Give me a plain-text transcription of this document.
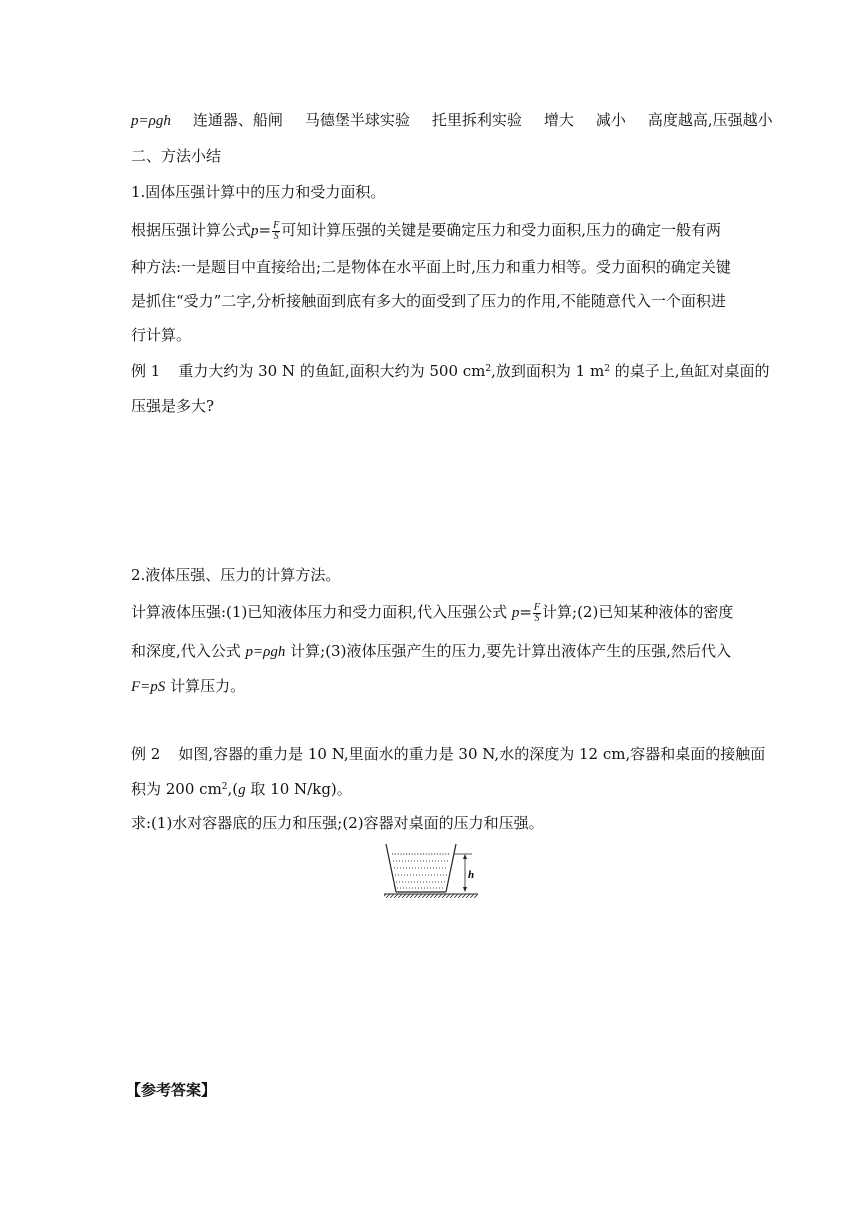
p=ρgh 连通器、船闸 马德堡半球实验 托里拆利实验 增大 减小 高度越高,压强越小
二、方法小结
1.固体压强计算中的压力和受力面积。
根据压强计算公式$p= \frac{F}{S}$ 可知计算压强的关键是要确定压力和受力面积,压力的确定一般有两
种方法:一是题目中直接给出;二是物体在水平面上时,压力和重力相等。受力面积的确定关键
是抓住“受力”二字,分析接触面到底有多大的面受到了压力的作用,不能随意代入一个面积进
行计算。
例 1 重力大约为 30 N 的鱼缸,面积大约为 500 $cm^2$,放到面积为 1 $m^2$ 的桌子上,鱼缸对桌面的
压强是多大?
2.液体压强、压力的计算方法。
计算液体压强:(1)已知液体压力和受力面积,代入压强公式 $p= \frac{F}{S}$ 计算;(2)已知某种液体的密度
和深度,代入公式 p=ρgh 计算;(3)液体压强产生的压力,要先计算出液体产生的压强,然后代入
F=pS 计算压力。
例 2 如图,容器的重力是 10 N,里面水的重力是 30 N,水的深度为 12 cm,容器和桌面的接触面
积为 200 $cm^2,(g$ 取 10 N/kg)。
求:(1)水对容器底的压力和压强;(2)容器对桌面的压力和压强。
h
【参考答案】
